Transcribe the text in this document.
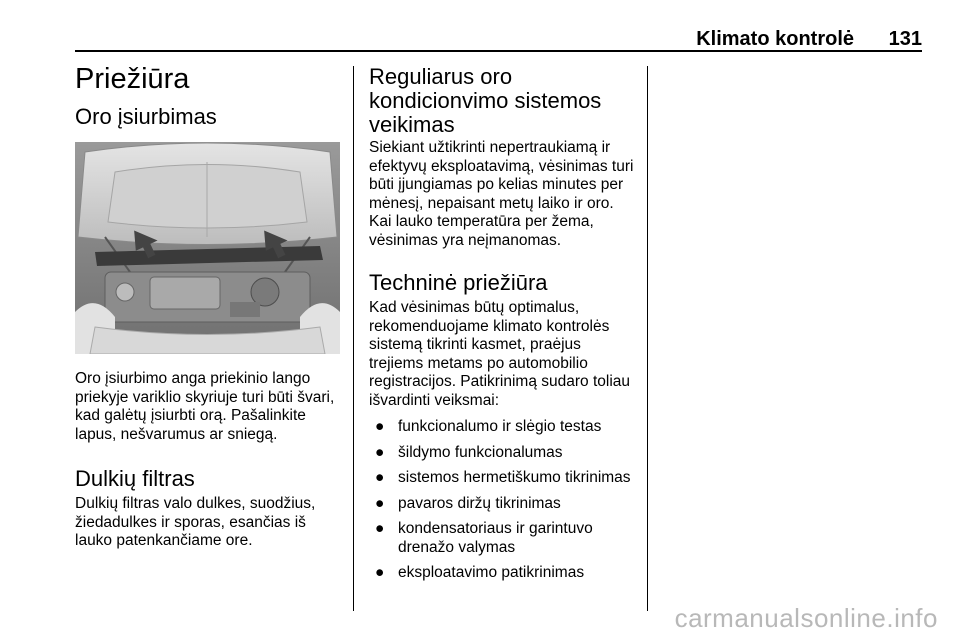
Klimato kontrolė 131
Priežiūra
Oro įsiurbimas

Oro įsiurbimo anga priekinio lango priekyje variklio skyriuje turi būti švari, kad galėtų įsiurbti orą. Pašalinkite lapus, nešvarumus ar sniegą.

Dulkių filtras

Dulkių filtras valo dulkes, suodžius, žiedadulkes ir sporas, esančias iš lauko patenkančiame ore.

Reguliarus oro kondicionvimo sistemos veikimas

Siekiant užtikrinti nepertraukiamą ir efektyvų eksploatavimą, vėsinimas turi būti įjungiamas po kelias minutes per mėnesį, nepaisant metų laiko ir oro. Kai lauko temperatūra per žema, vėsinimas yra neįmanomas.

Techninė priežiūra

Kad vėsinimas būtų optimalus, rekomenduojame klimato kontrolės sistemą tikrinti kasmet, praėjus trejiems metams po automobilio registracijos. Patikrinimą sudaro toliau išvardinti veiksmai:

● funkcionalumo ir slėgio testas
● šildymo funkcionalumas
● sistemos hermetiškumo tikrinimas
● pavaros diržų tikrinimas
● kondensatoriaus ir garintuvo drenažo valymas
● eksploatavimo patikrinimas
carmanualsonline.info
